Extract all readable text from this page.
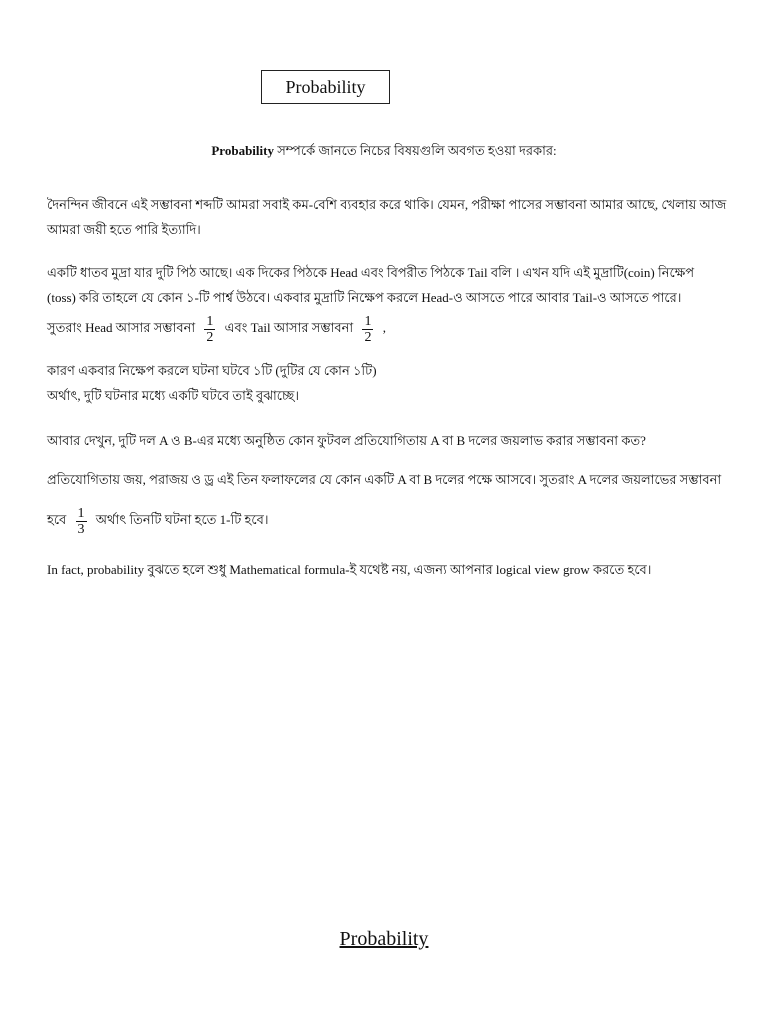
Probability
Probability সম্পর্কে জানতে নিচের বিষয়গুলি অবগত হওয়া দরকার:
দৈনন্দিন জীবনে এই সম্ভাবনা শব্দটি আমরা সবাই কম-বেশি ব্যবহার করে থাকি। যেমন, পরীক্ষা পাসের সম্ভাবনা আমার আছে, খেলায় আজ
আমরা জয়ী হতে পারি ইত্যাদি।
একটি ধাতব মুদ্রা যার দুটি পিঠ আছে। এক দিকের পিঠকে Head এবং বিপরীত পিঠকে Tail বলি । এখন যদি এই মুদ্রাটি(coin) নিক্ষেপ
(toss) করি তাহলে যে কোন ১-টি পার্শ্ব উঠবে। একবার মুদ্রাটি নিক্ষেপ করলে Head-ও আসতে পারে আবার Tail-ও আসতে পারে।
সুতরাং Head আসার সম্ভাবনা $\frac{1}{2}$ এবং Tail আসার সম্ভাবনা $\frac{1}{2}$ ,
কারণ একবার নিক্ষেপ করলে ঘটনা ঘটবে ১টি (দুটির যে কোন ১টি)
অর্থাৎ, দুটি ঘটনার মধ্যে একটি ঘটবে তাই বুঝাচ্ছে।
আবার দেখুন, দুটি দল A ও B-এর মধ্যে অনুষ্ঠিত কোন ফুটবল প্রতিযোগিতায় A বা B দলের জয়লাভ করার সম্ভাবনা কত?
প্রতিযোগিতায় জয়, পরাজয় ও ড্র এই তিন ফলাফলের যে কোন একটি A বা B দলের পক্ষে আসবে। সুতরাং A দলের জয়লাভের সম্ভাবনা
হবে $\frac{1}{3}$ অর্থাৎ তিনটি ঘটনা হতে 1-টি হবে।
In fact, probability বুঝতে হলে শুধু Mathematical formula-ই যথেষ্ট নয়, এজন্য আপনার logical view grow করতে হবে।
Probability
